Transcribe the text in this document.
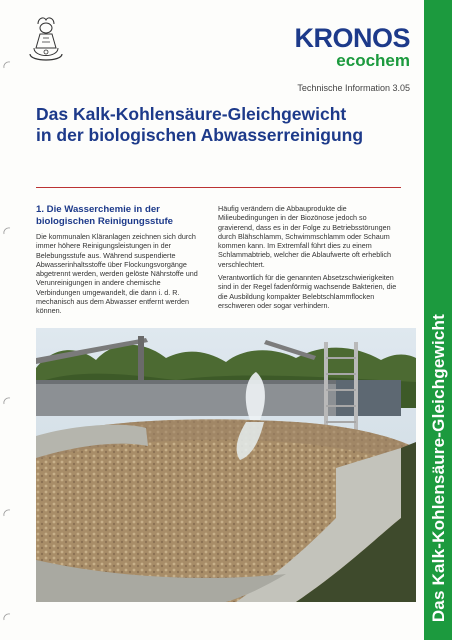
KRONOS
ecochem
Technische Information 3.05
Das Kalk-Kohlensäure-Gleichgewicht
in der biologischen Abwasserreinigung
1. Die Wasserchemie in der
biologischen Reinigungsstufe

Die kommunalen Kläranlagen zeichnen sich durch immer höhere Reinigungsleistungen in der Belebungsstufe aus. Während suspendierte Abwasserinhaltsstoffe über Flockungsvorgänge abgetrennt werden, werden gelöste Nährstoffe und Verunreinigungen in andere chemische Verbindungen umgewandelt, die dann i. d. R. mechanisch aus dem Abwasser entfernt werden können.

Häufig verändern die Abbauprodukte die Milieubedingungen in der Biozönose jedoch so gravierend, dass es in der Folge zu Betriebsstörungen durch Blähschlamm, Schwimmschlamm oder Schaum kommen kann. Im Extremfall führt dies zu einem Schlammabtrieb, welcher die Ablaufwerte oft erheblich verschlechtert.

Verantwortlich für die genannten Absetzschwierigkeiten sind in der Regel fadenförmig wachsende Bakterien, die die Ausbildung kompakter Belebtschlammflocken erschweren oder sogar verhindern.

Das Kalk-Kohlensäure-Gleichgewicht
